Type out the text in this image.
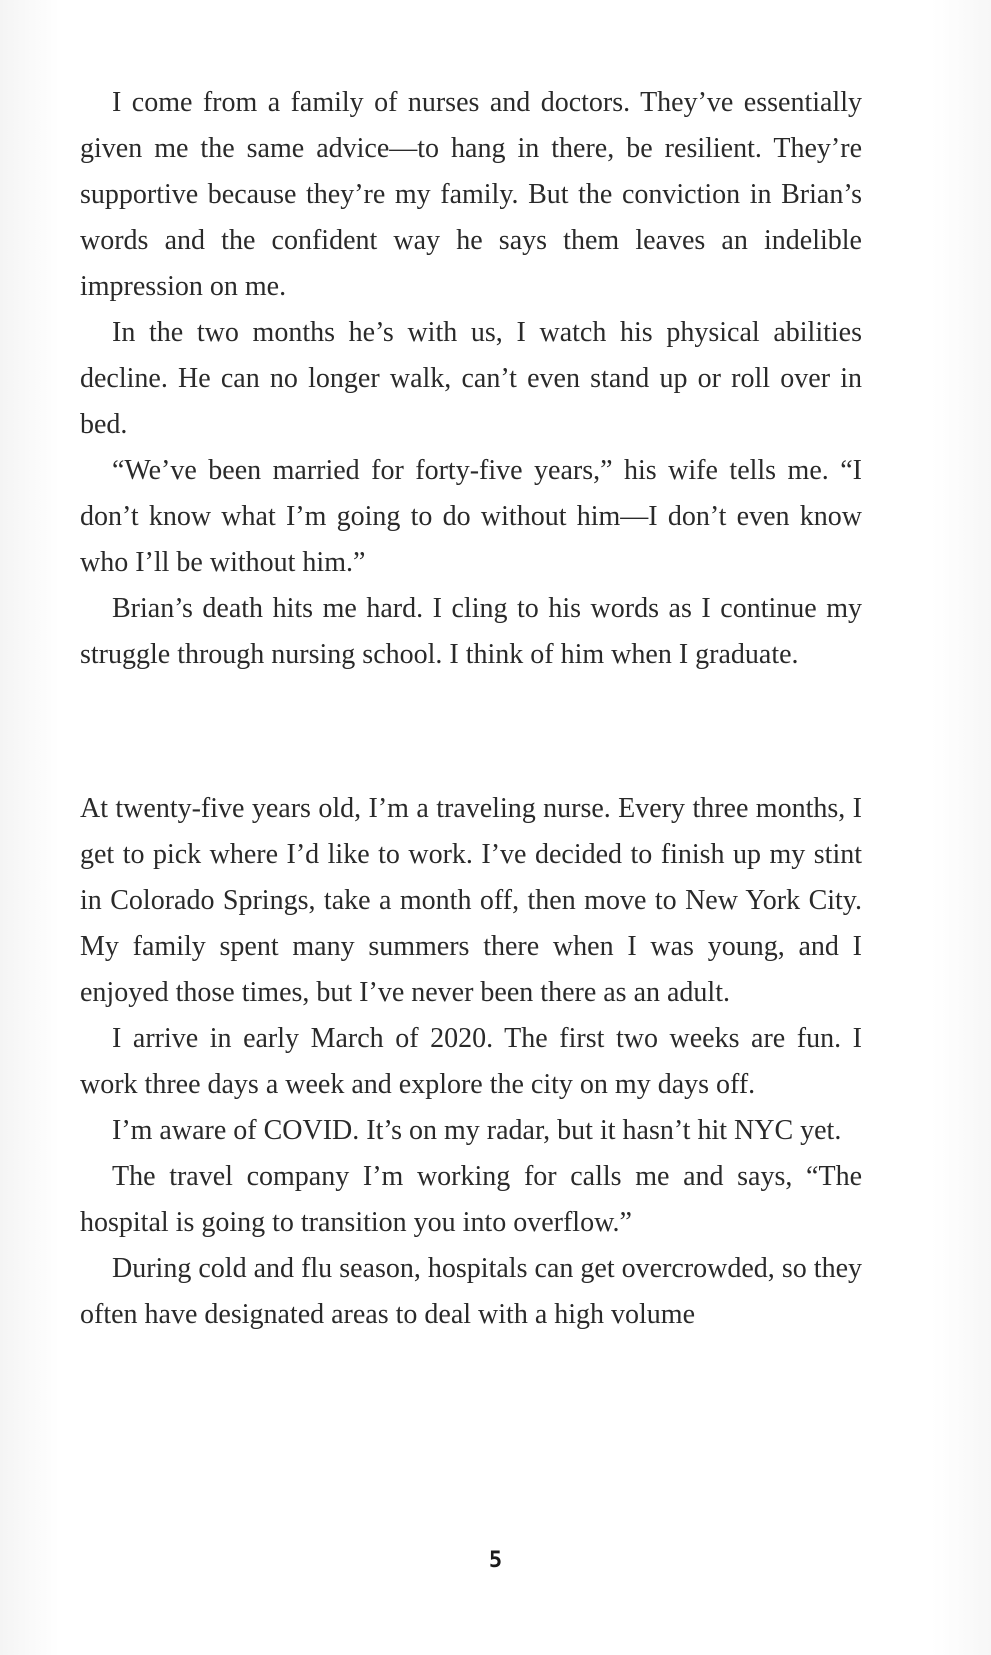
I come from a family of nurses and doctors. They’ve essentially given me the same advice—to hang in there, be resilient. They’re supportive because they’re my family. But the conviction in Brian’s words and the confident way he says them leaves an indelible impression on me.

In the two months he’s with us, I watch his physical abilities decline. He can no longer walk, can’t even stand up or roll over in bed.

“We’ve been married for forty-five years,” his wife tells me. “I don’t know what I’m going to do without him—I don’t even know who I’ll be without him.”

Brian’s death hits me hard. I cling to his words as I continue my struggle through nursing school. I think of him when I graduate.

At twenty-five years old, I’m a traveling nurse. Every three months, I get to pick where I’d like to work. I’ve decided to finish up my stint in Colorado Springs, take a month off, then move to New York City. My family spent many summers there when I was young, and I enjoyed those times, but I’ve never been there as an adult.

I arrive in early March of 2020. The first two weeks are fun. I work three days a week and explore the city on my days off.

I’m aware of COVID. It’s on my radar, but it hasn’t hit NYC yet.

The travel company I’m working for calls me and says, “The hospital is going to transition you into overflow.”

During cold and flu season, hospitals can get overcrowded, so they often have designated areas to deal with a high volume

5
